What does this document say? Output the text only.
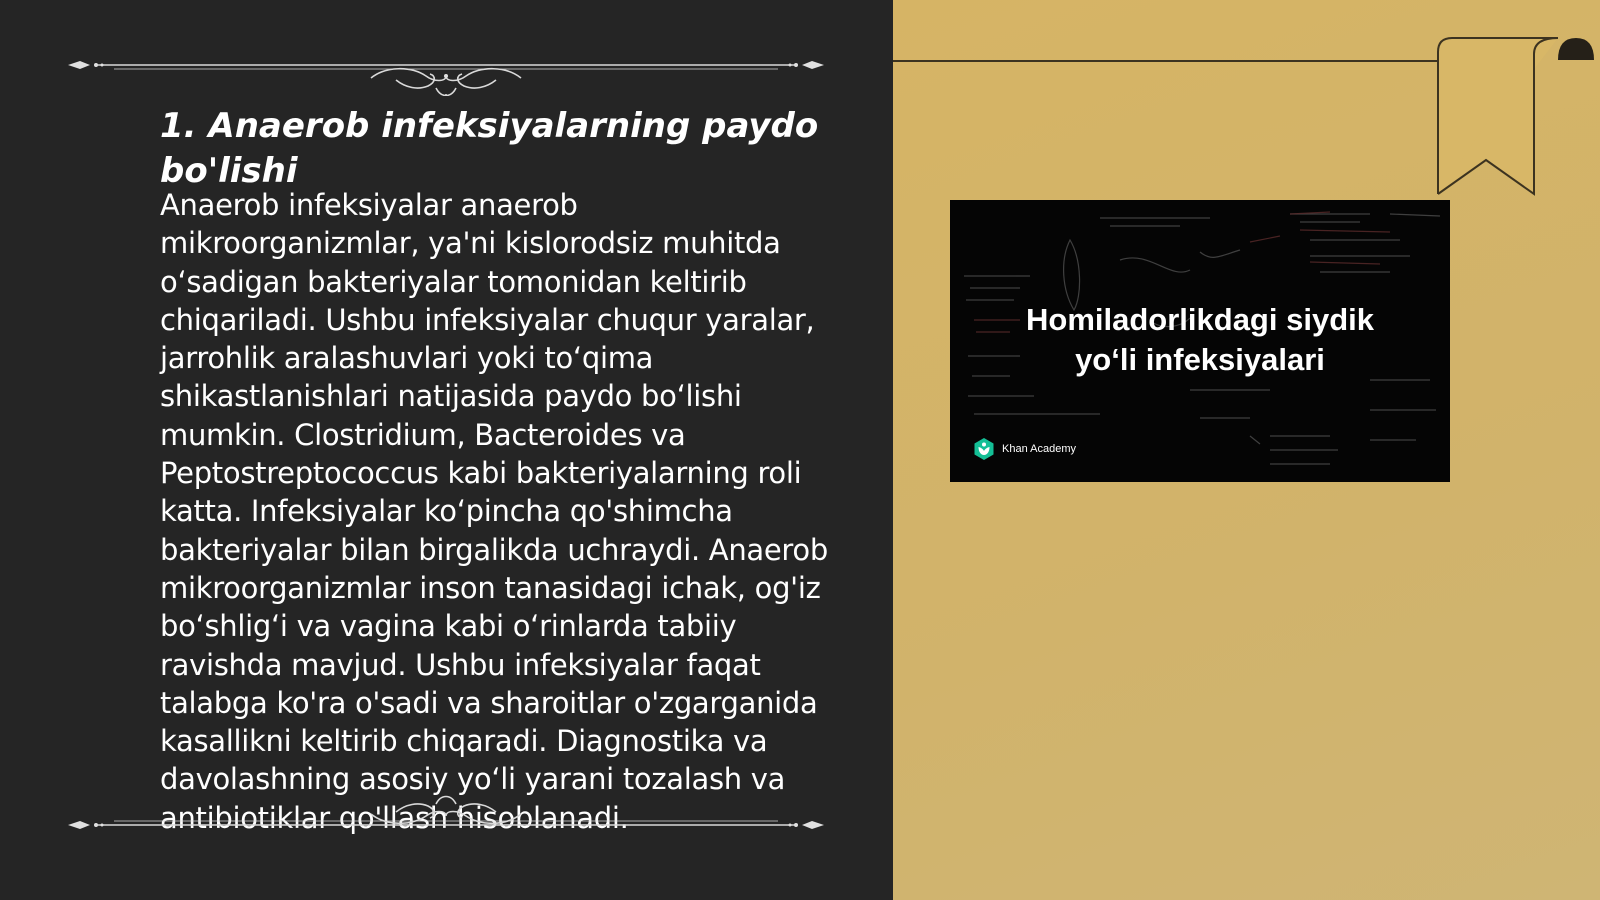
1. Anaerob infeksiyalarning paydo bo'lishi

Anaerob infeksiyalar anaerob mikroorganizmlar, ya'ni kislorodsiz muhitda o‘sadigan bakteriyalar tomonidan keltirib chiqariladi. Ushbu infeksiyalar chuqur yaralar, jarrohlik aralashuvlari yoki to‘qima shikastlanishlari natijasida paydo bo‘lishi mumkin. Clostridium, Bacteroides va Peptostreptococcus kabi bakteriyalarning roli katta. Infeksiyalar ko‘pincha qo'shimcha bakteriyalar bilan birgalikda uchraydi. Anaerob mikroorganizmlar inson tanasidagi ichak, og'iz bo‘shlig‘i va vagina kabi o‘rinlarda tabiiy ravishda mavjud. Ushbu infeksiyalar faqat talabga ko'ra o'sadi va sharoitlar o'zgarganida kasallikni keltirib chiqaradi. Diagnostika va davolashning asosiy yo‘li yarani tozalash va antibiotiklar qo'llash hisoblanadi.

Homiladorlikdagi siydik
yo‘li infeksiyalari
Khan Academy
